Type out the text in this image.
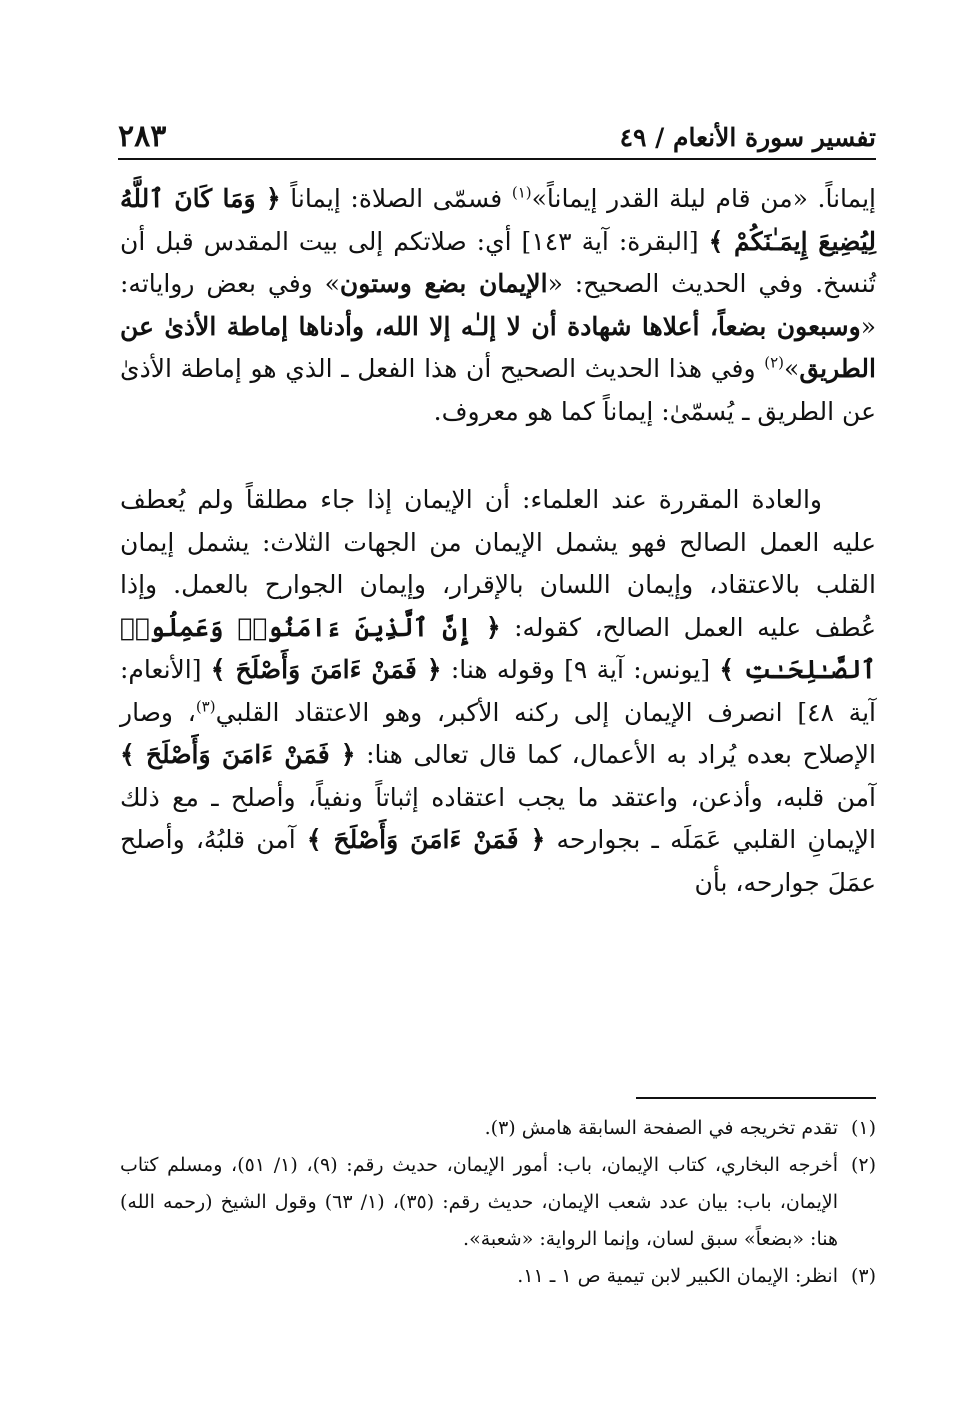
تفسير سورة الأنعام / ٤٩
٢٨٣

إيماناً. «من قام ليلة القدر إيماناً»$^{(١)}$ فسمّى الصلاة: إيماناً ﴿ وَمَا كَانَ ٱللَّهُ لِيُضِيعَ إِيمَـٰنَكُمْ ﴾ [البقرة: آية ١٤٣] أي: صلاتكم إلى بيت المقدس قبل أن تُنسخ. وفي الحديث الصحيح: «الإيمان بضع وستون» وفي بعض رواياته: «وسبعون بضعاً، أعلاها شهادة أن لا إلـٰه إلا الله، وأدناها إماطة الأذىٰ عن الطريق»$^{(٢)}$ وفي هذا الحديث الصحيح أن هذا الفعل ـ الذي هو إماطة الأذىٰ عن الطريق ـ يُسمّىٰ: إيماناً كما هو معروف.

والعادة المقررة عند العلماء: أن الإيمان إذا جاء مطلقاً ولم يُعطف عليه العمل الصالح فهو يشمل الإيمان من الجهات الثلاث: يشمل إيمان القلب بالاعتقاد، وإيمان اللسان بالإقرار، وإيمان الجوارح بالعمل. وإذا عُطف عليه العمل الصالح، كقوله: ﴿ إِنَّ ٱلَّذِينَ ءَامَنُوا۟ وَعَمِلُوا۟ ٱلصَّـٰلِحَـٰتِ ﴾ [يونس: آية ٩] وقوله هنا: ﴿ فَمَنْ ءَامَنَ وَأَصْلَحَ ﴾ [الأنعام: آية ٤٨] انصرف الإيمان إلى ركنه الأكبر، وهو الاعتقاد القلبي$^{(٣)}$، وصار الإصلاح بعده يُراد به الأعمال، كما قال تعالى هنا: ﴿ فَمَنْ ءَامَنَ وَأَصْلَحَ ﴾ آمن قلبه، وأذعن، واعتقد ما يجب اعتقاده إثباتاً ونفياً، وأصلح ـ مع ذلك الإيمانِ القلبي عَمَلَه ـ بجوارحه ﴿ فَمَنْ ءَامَنَ وَأَصْلَحَ ﴾ آمن قلبُهُ، وأصلح عمَلَ جوارحه، بأن

(١)
تقدم تخريجه في الصفحة السابقة هامش (٣).

(٢)
أخرجه البخاري، كتاب الإيمان، باب: أمور الإيمان، حديث رقم: (٩)، (١/ ٥١)، ومسلم كتاب الإيمان، باب: بيان عدد شعب الإيمان، حديث رقم: (٣٥)، (١/ ٦٣) وقول الشيخ (رحمه الله) هنا: «بضعاً» سبق لسان، وإنما الرواية: «شعبة».

(٣)
انظر: الإيمان الكبير لابن تيمية ص ١ ـ ١١.
